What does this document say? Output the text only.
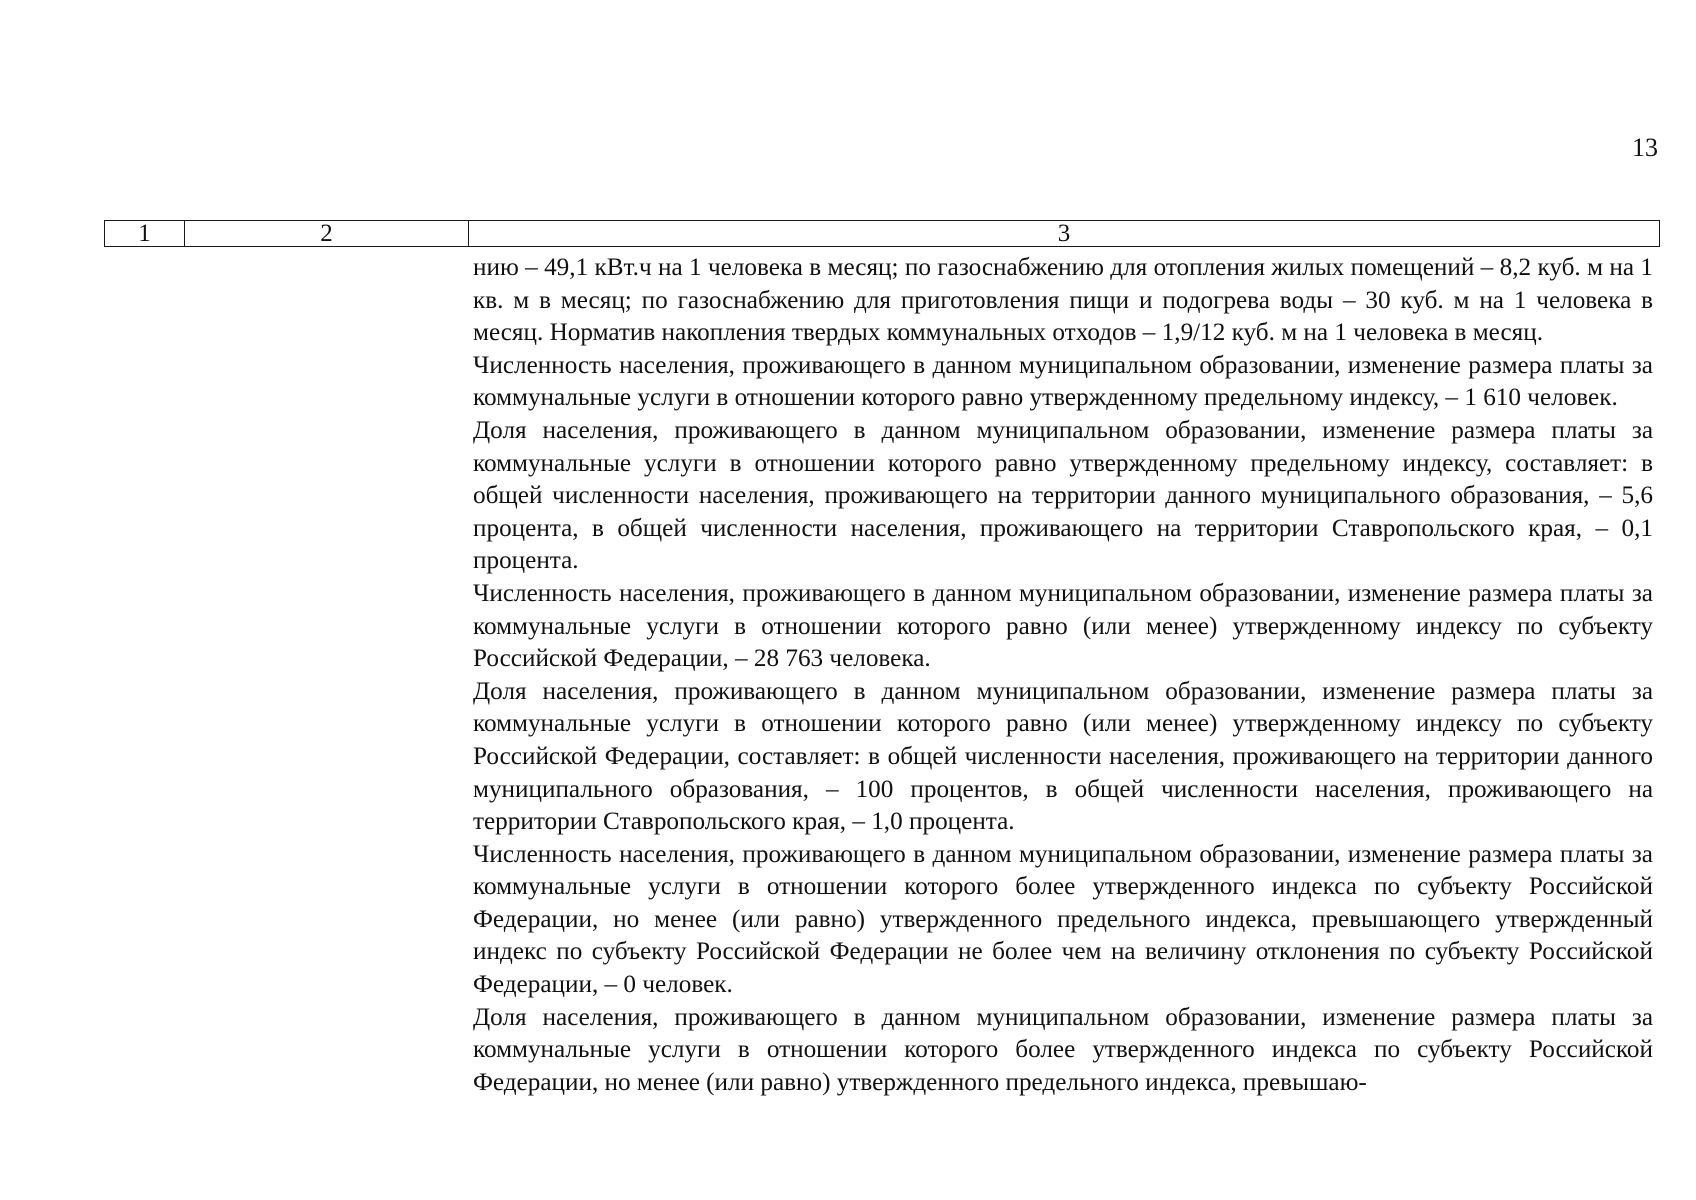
13
1	2	3

нию – 49,1 кВт.ч на 1 человека в месяц; по газоснабжению для отопления жилых помещений – 8,2 куб. м на 1 кв. м в месяц; по газоснабжению для приготовления пищи и подогрева воды – 30 куб. м на 1 человека в месяц. Норматив накопления твердых коммунальных отходов – 1,9/12 куб. м на 1 человека в месяц.

Численность населения, проживающего в данном муниципальном образовании, изменение размера платы за коммунальные услуги в отношении которого равно утвержденному предельному индексу, – 1 610 человек.

Доля населения, проживающего в данном муниципальном образовании, изменение размера платы за коммунальные услуги в отношении которого равно утвержденному предельному индексу, составляет: в общей численности населения, проживающего на территории данного муниципального образования, – 5,6 процента, в общей численности населения, проживающего на территории Ставропольского края, – 0,1 процента.

Численность населения, проживающего в данном муниципальном образовании, изменение размера платы за коммунальные услуги в отношении которого равно (или менее) утвержденному индексу по субъекту Российской Федерации, – 28 763 человека.

Доля населения, проживающего в данном муниципальном образовании, изменение размера платы за коммунальные услуги в отношении которого равно (или менее) утвержденному индексу по субъекту Российской Федерации, составляет: в общей численности населения, проживающего на территории данного муниципального образования, – 100 процентов, в общей численности населения, проживающего на территории Ставропольского края, – 1,0 процента.

Численность населения, проживающего в данном муниципальном образовании, изменение размера платы за коммунальные услуги в отношении которого более утвержденного индекса по субъекту Российской Федерации, но менее (или равно) утвержденного предельного индекса, превышающего утвержденный индекс по субъекту Российской Федерации не более чем на величину отклонения по субъекту Российской Федерации, – 0 человек.

Доля населения, проживающего в данном муниципальном образовании, изменение размера платы за коммунальные услуги в отношении которого более утвержденного индекса по субъекту Российской Федерации, но менее (или равно) утвержденного предельного индекса, превышаю-
